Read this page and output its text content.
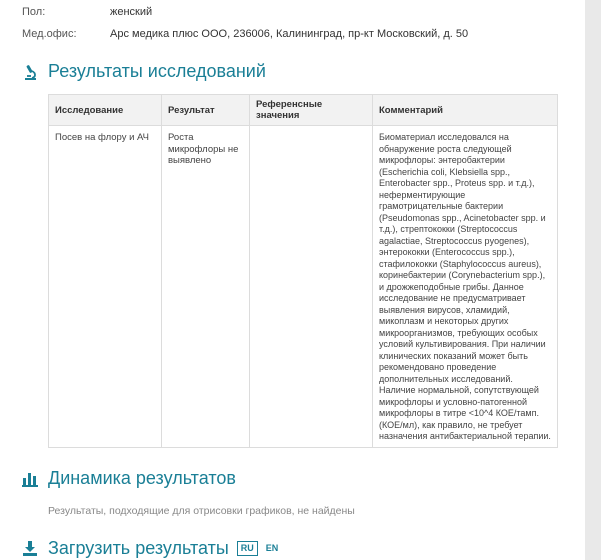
Пол:	женский
Мед.офис:	Арс медика плюс ООО, 236006, Калининград, пр-кт Московский, д. 50
Результаты исследований
Исследование	Результат	Референсные значения	Комментарий
Посев на флору и АЧ	Роста микрофлоры не выявлено		Биоматериал исследовался на обнаружение роста следующей микрофлоры: энтеробактерии (Escherichia coli, Klebsiella spp., Enterobacter spp., Proteus spp. и т.д.), неферментирующие грамотрицательные бактерии (Pseudomonas spp., Acinetobacter spp. и т.д.), стрептококки (Streptococcus agalactiae, Streptococcus pyogenes), энтерококки (Enterococcus spp.), стафилококки (Staphylococcus aureus), коринебактерии (Corynebacterium spp.), и дрожжеподобные грибы. Данное исследование не предусматривает выявления вирусов, хламидий, микоплазм и некоторых других микроорганизмов, требующих особых условий культивирования. При наличии клинических показаний может быть рекомендовано проведение дополнительных исследований. Наличие нормальной, сопутствующей микрофлоры и условно-патогенной микрофлоры в титре <10^4 КОЕ/тамп.(КОЕ/мл), как правило, не требует назначения антибактериальной терапии.
Динамика результатов
Результаты, подходящие для отрисовки графиков, не найдены
Загрузить результаты	RU	EN
